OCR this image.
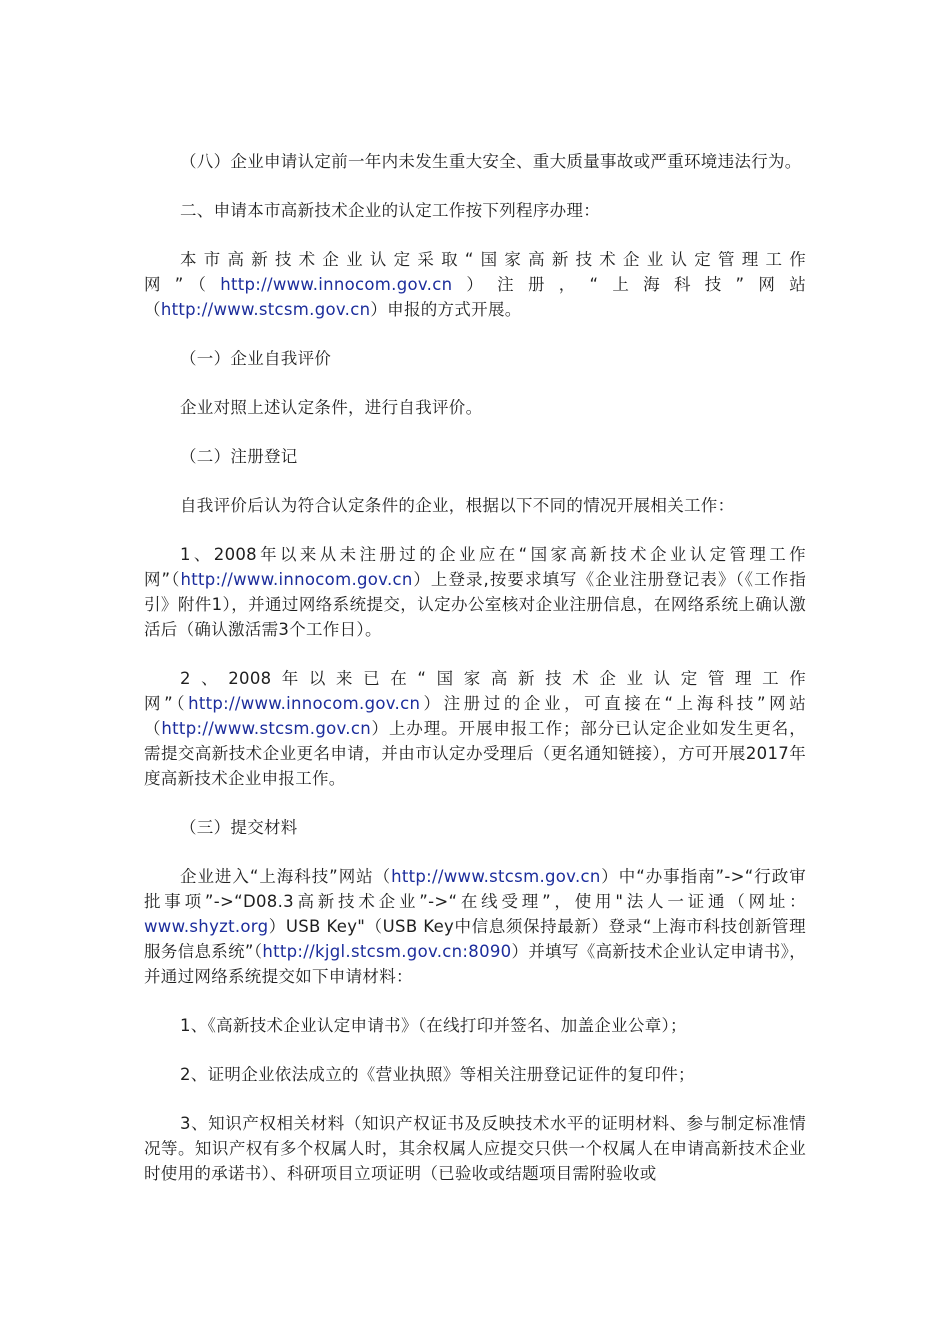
（八）企业申请认定前一年内未发生重大安全、重大质量事故或严重环境违法行为。

二、申请本市高新技术企业的认定工作按下列程序办理：

本市高新技术企业认定采取“国家高新技术企业认定管理工作网”（http://www.innocom.gov.cn）注册，“上海科技”网站（http://www.stcsm.gov.cn）申报的方式开展。

（一）企业自我评价

企业对照上述认定条件，进行自我评价。

（二）注册登记

自我评价后认为符合认定条件的企业，根据以下不同的情况开展相关工作：

1、2008年以来从未注册过的企业应在“国家高新技术企业认定管理工作网”（http://www.innocom.gov.cn）上登录,按要求填写《企业注册登记表》（《工作指引》附件1），并通过网络系统提交，认定办公室核对企业注册信息，在网络系统上确认激活后（确认激活需3个工作日）。

2、2008年以来已在“国家高新技术企业认定管理工作网”（http://www.innocom.gov.cn）注册过的企业，可直接在“上海科技”网站（http://www.stcsm.gov.cn）上办理。开展申报工作；部分已认定企业如发生更名，需提交高新技术企业更名申请，并由市认定办受理后（更名通知链接），方可开展2017年度高新技术企业申报工作。

（三）提交材料

企业进入“上海科技”网站（http://www.stcsm.gov.cn）中“办事指南”->“行政审批事项”->“D08.3高新技术企业”->“在线受理”，使用"法人一证通（网址：www.shyzt.org）USB Key"（USB Key中信息须保持最新）登录“上海市科技创新管理服务信息系统”（http://kjgl.stcsm.gov.cn:8090）并填写《高新技术企业认定申请书》，并通过网络系统提交如下申请材料：

1、《高新技术企业认定申请书》（在线打印并签名、加盖企业公章）；

2、证明企业依法成立的《营业执照》等相关注册登记证件的复印件；

3、知识产权相关材料（知识产权证书及反映技术水平的证明材料、参与制定标准情况等。知识产权有多个权属人时，其余权属人应提交只供一个权属人在申请高新技术企业时使用的承诺书）、科研项目立项证明（已验收或结题项目需附验收或
